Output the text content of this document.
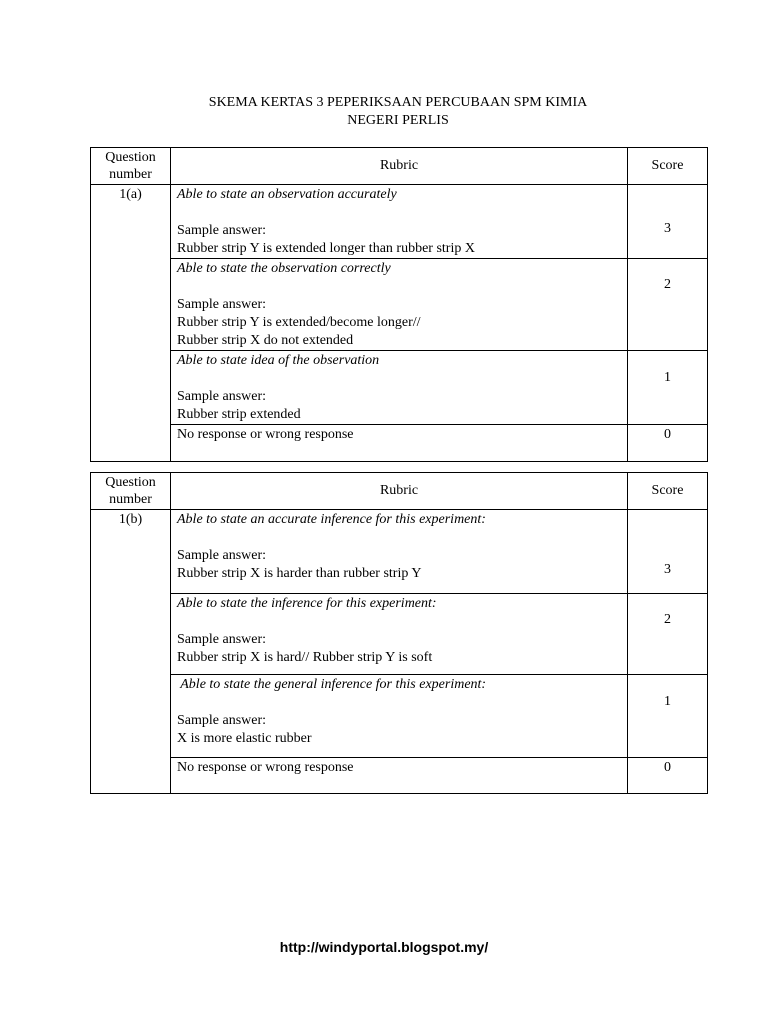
SKEMA KERTAS 3 PEPERIKSAAN PERCUBAAN SPM KIMIA
NEGERI PERLIS
Question
number	Rubric	Score
1(a)	Able to state an observation accurately
Sample answer:
Rubber strip Y is extended longer than rubber strip X	3

	Able to state the observation correctly
Sample answer:
Rubber strip Y is extended/become longer//
Rubber strip X do not extended	2

	Able to state idea of the observation
Sample answer:
Rubber strip extended	1

	No response or wrong response	0
Question
number	Rubric	Score
1(b)	Able to state an accurate inference for this experiment:
Sample answer:
Rubber strip X is harder than rubber strip Y	3

	Able to state the inference for this experiment:
Sample answer:
Rubber strip X is hard// Rubber strip Y is soft	2

	Able to state the general inference for this experiment:
Sample answer:
X is more elastic rubber	1

	No response or wrong response	0
http://windyportal.blogspot.my/
